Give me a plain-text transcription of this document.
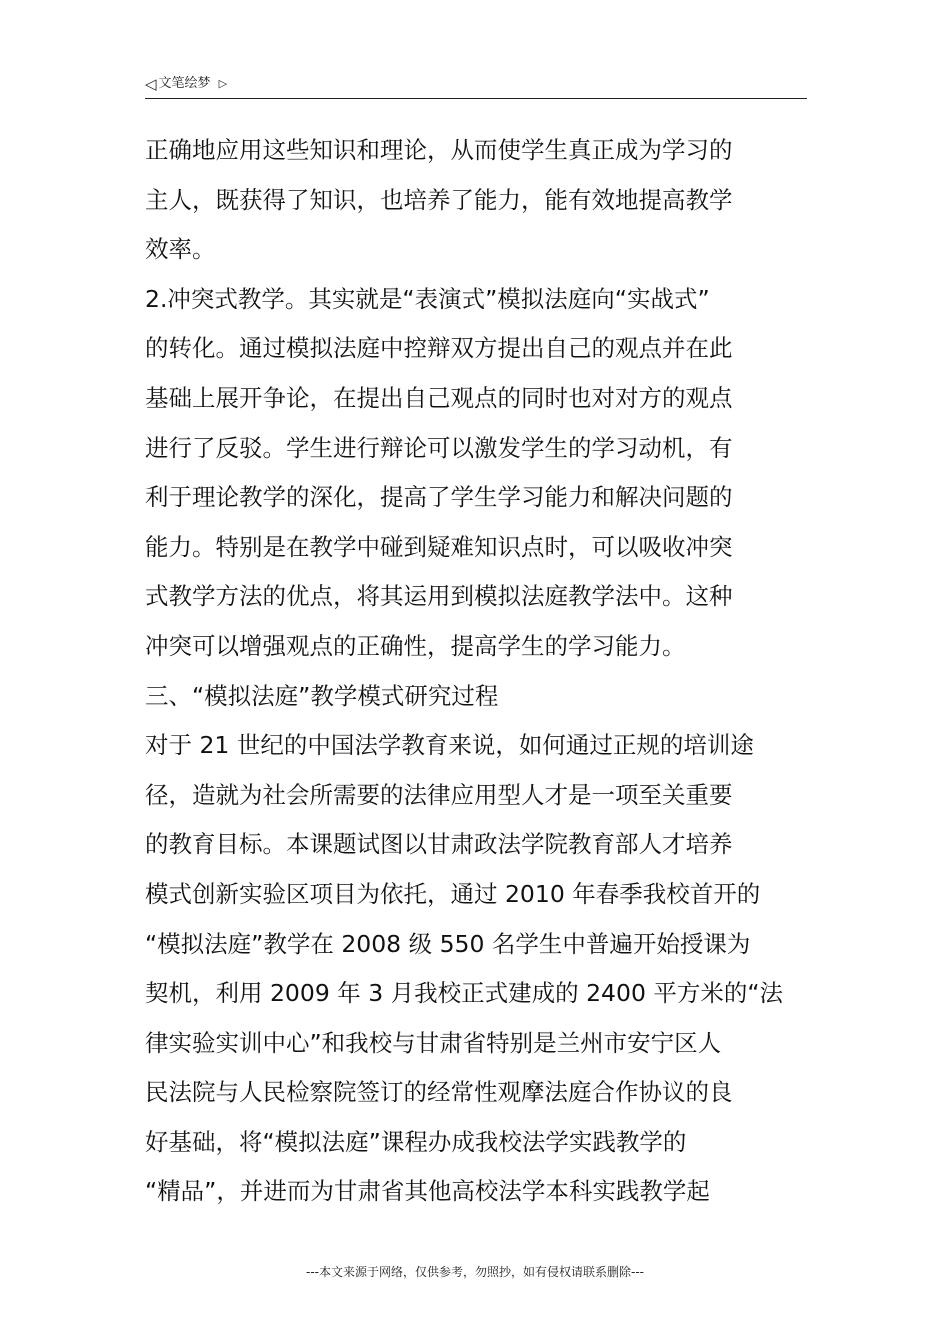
◁ 文笔绘梦 ▷
正确地应用这些知识和理论，从而使学生真正成为学习的
主人，既获得了知识，也培养了能力，能有效地提高教学
效率。
2.冲突式教学。其实就是“表演式”模拟法庭向“实战式”
的转化。通过模拟法庭中控辩双方提出自己的观点并在此
基础上展开争论，在提出自己观点的同时也对对方的观点
进行了反驳。学生进行辩论可以激发学生的学习动机，有
利于理论教学的深化，提高了学生学习能力和解决问题的
能力。特别是在教学中碰到疑难知识点时，可以吸收冲突
式教学方法的优点，将其运用到模拟法庭教学法中。这种
冲突可以增强观点的正确性，提高学生的学习能力。
三、“模拟法庭”教学模式研究过程
对于 21 世纪的中国法学教育来说，如何通过正规的培训途
径，造就为社会所需要的法律应用型人才是一项至关重要
的教育目标。本课题试图以甘肃政法学院教育部人才培养
模式创新实验区项目为依托，通过 2010 年春季我校首开的
“模拟法庭”教学在 2008 级 550 名学生中普遍开始授课为
契机，利用 2009 年 3 月我校正式建成的 2400 平方米的“法
律实验实训中心”和我校与甘肃省特别是兰州市安宁区人
民法院与人民检察院签订的经常性观摩法庭合作协议的良
好基础，将“模拟法庭”课程办成我校法学实践教学的
“精品”，并进而为甘肃省其他高校法学本科实践教学起
---本文来源于网络，仅供参考，勿照抄，如有侵权请联系删除---
